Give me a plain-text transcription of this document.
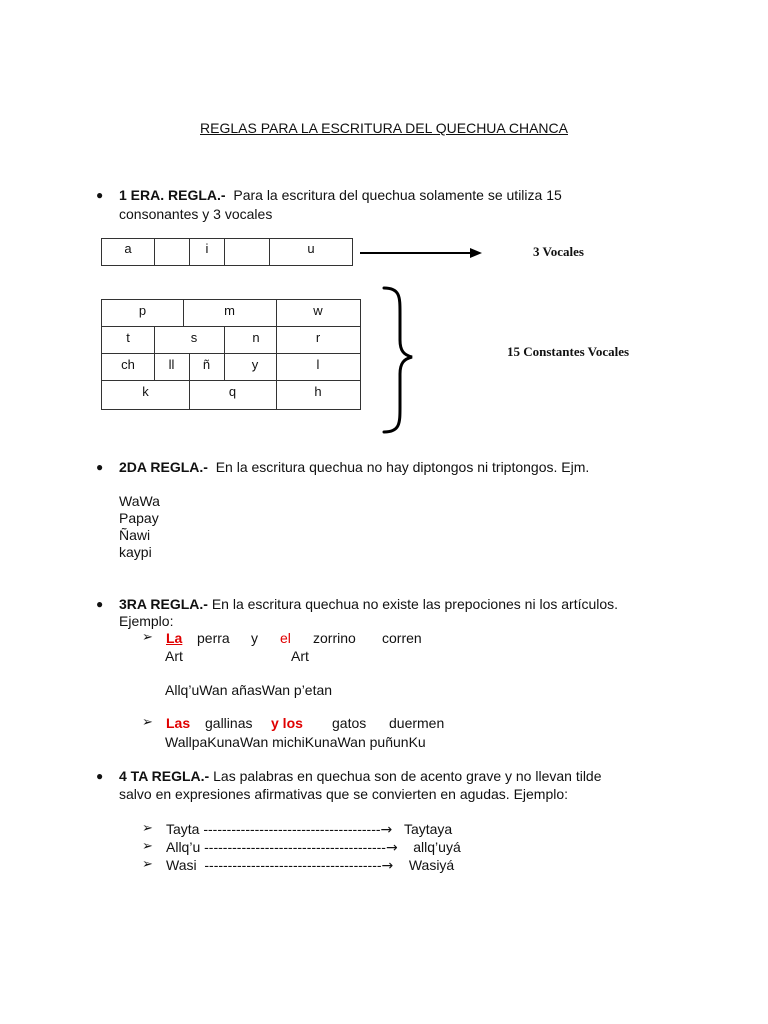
REGLAS PARA LA ESCRITURA DEL QUECHUA CHANCA
● 1 ERA. REGLA.- Para la escritura del quechua solamente se utiliza 15
consonantes y 3 vocales
a		i		u	3 Vocales
p	m	w
t	s	n	r
ch	ll	ñ	y	l
k	q	h
15 Constantes Vocales
● 2DA REGLA.- En la escritura quechua no hay diptongos ni triptongos. Ejm.
WaWa
Papay
Ñawi
kaypi
● 3RA REGLA.- En la escritura quechua no existe las prepociones ni los artículos.
Ejemplo:
➢ La perra y el zorrino corren
Art	Art
Allq’uWan añasWan p’etan
➢ Las gallinas y los gatos duermen
WallpaKunaWan michiKunaWan puñunKu
● 4 TA REGLA.- Las palabras en quechua son de acento grave y no llevan tilde
salvo en expresiones afirmativas que se convierten en agudas. Ejemplo:
➢ Tayta --------------------------------------→ Taytaya
➢ Allq’u ---------------------------------------→ allq’uyá
➢ Wasi --------------------------------------→ Wasiyá
